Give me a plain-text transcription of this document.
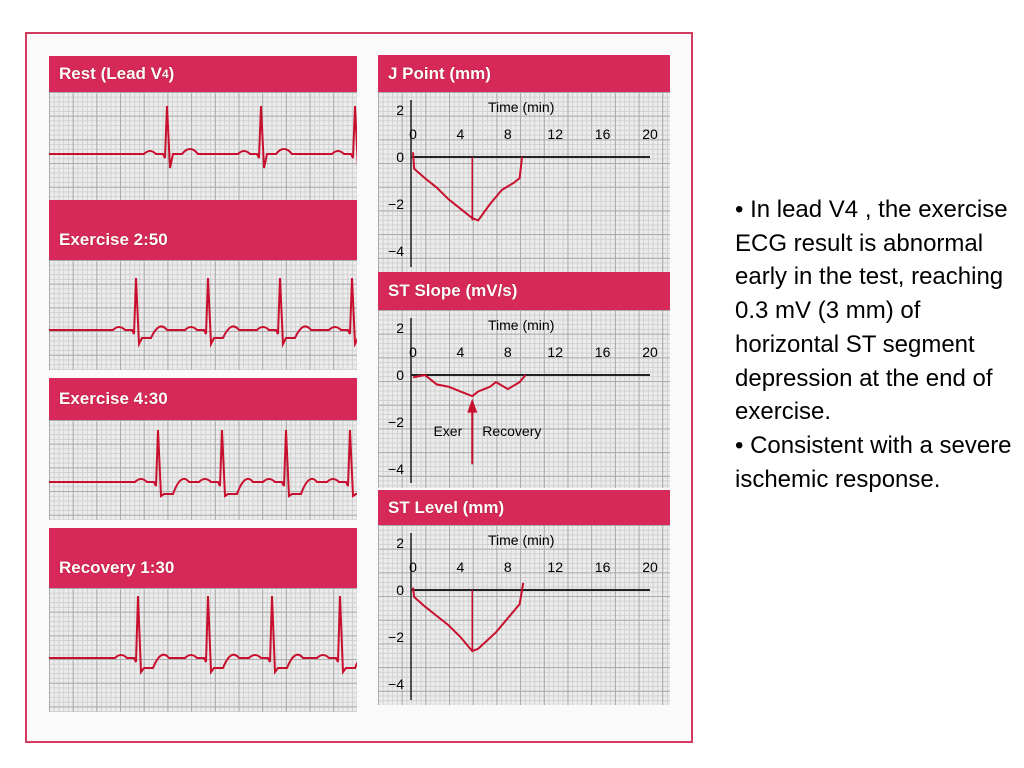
Rest (Lead V 4 )
Exercise 2:50
Exercise 4:30
Recovery 1:30
J Point (mm)
Time (min)
0	4	8	12 16 20
2
0
−2
−4
ST Slope (mV/s)
Time (min)
0	4	8	12 16 20
2
0
−2
−4
Exer Recovery
ST Level (mm)
Time (min)
0	4	8	12 16 20
2
0
−2
−4
• In lead V4 , the exercise ECG result is abnormal early in the test, reaching 0.3 mV (3 mm) of horizontal ST segment depression at the end of exercise.
• Consistent with a severe ischemic response.
